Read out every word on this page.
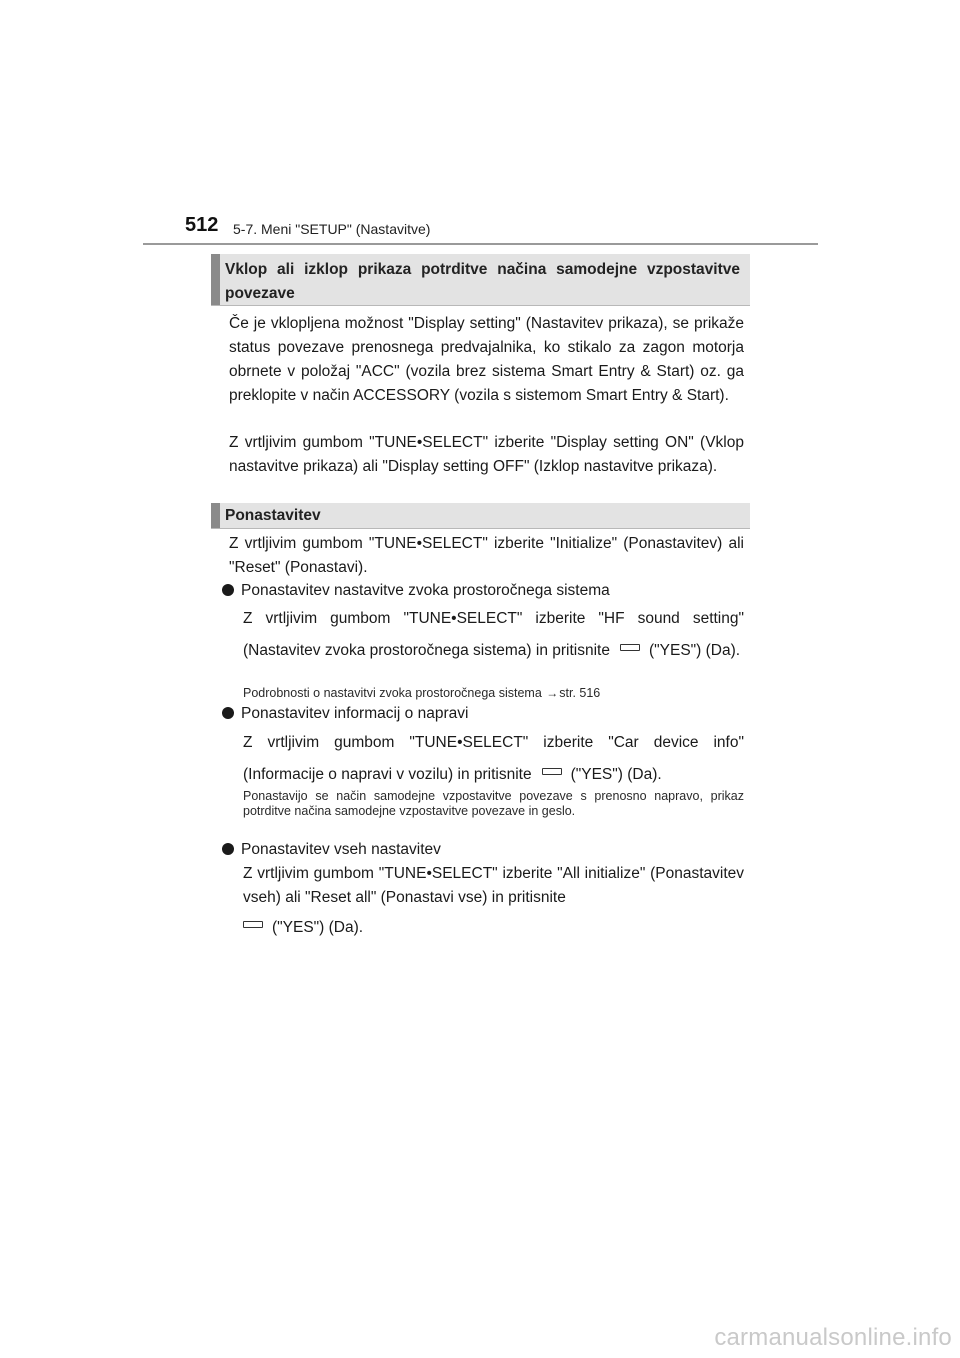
512 5-7. Meni "SETUP" (Nastavitve)
Vklop ali izklop prikaza potrditve načina samodejne vzpostavitve povezave

Če je vklopljena možnost "Display setting" (Nastavitev prikaza), se prikaže status povezave prenosnega predvajalnika, ko stikalo za zagon motorja obrnete v položaj "ACC" (vozila brez sistema Smart Entry & Start) oz. ga preklopite v način ACCESSORY (vozila s sistemom Smart Entry & Start).

Z vrtljivim gumbom "TUNE•SELECT" izberite "Display setting ON" (Vklop nastavitve prikaza) ali "Display setting OFF" (Izklop nastavitve prikaza).

Ponastavitev

Z vrtljivim gumbom "TUNE•SELECT" izberite "Initialize" (Ponastavitev) ali "Reset" (Ponastavi).

Ponastavitev nastavitve zvoka prostoročnega sistema

Z vrtljivim gumbom "TUNE•SELECT" izberite "HF sound setting" (Nastavitev zvoka prostoročnega sistema) in pritisnite	("YES") (Da).

Podrobnosti o nastavitvi zvoka prostoročnega sistema →str. 516

Ponastavitev informacij o napravi

Z vrtljivim gumbom "TUNE•SELECT" izberite "Car device info" (Informacije o napravi v vozilu) in pritisnite	("YES") (Da).

Ponastavijo se način samodejne vzpostavitve povezave s prenosno napravo, prikaz potrditve načina samodejne vzpostavitve povezave in geslo.

Ponastavitev vseh nastavitev

Z vrtljivim gumbom "TUNE•SELECT" izberite "All initialize" (Ponastavitev vseh) ali "Reset all" (Ponastavi vse) in pritisnite
("YES") (Da).

carmanualsonline.info
